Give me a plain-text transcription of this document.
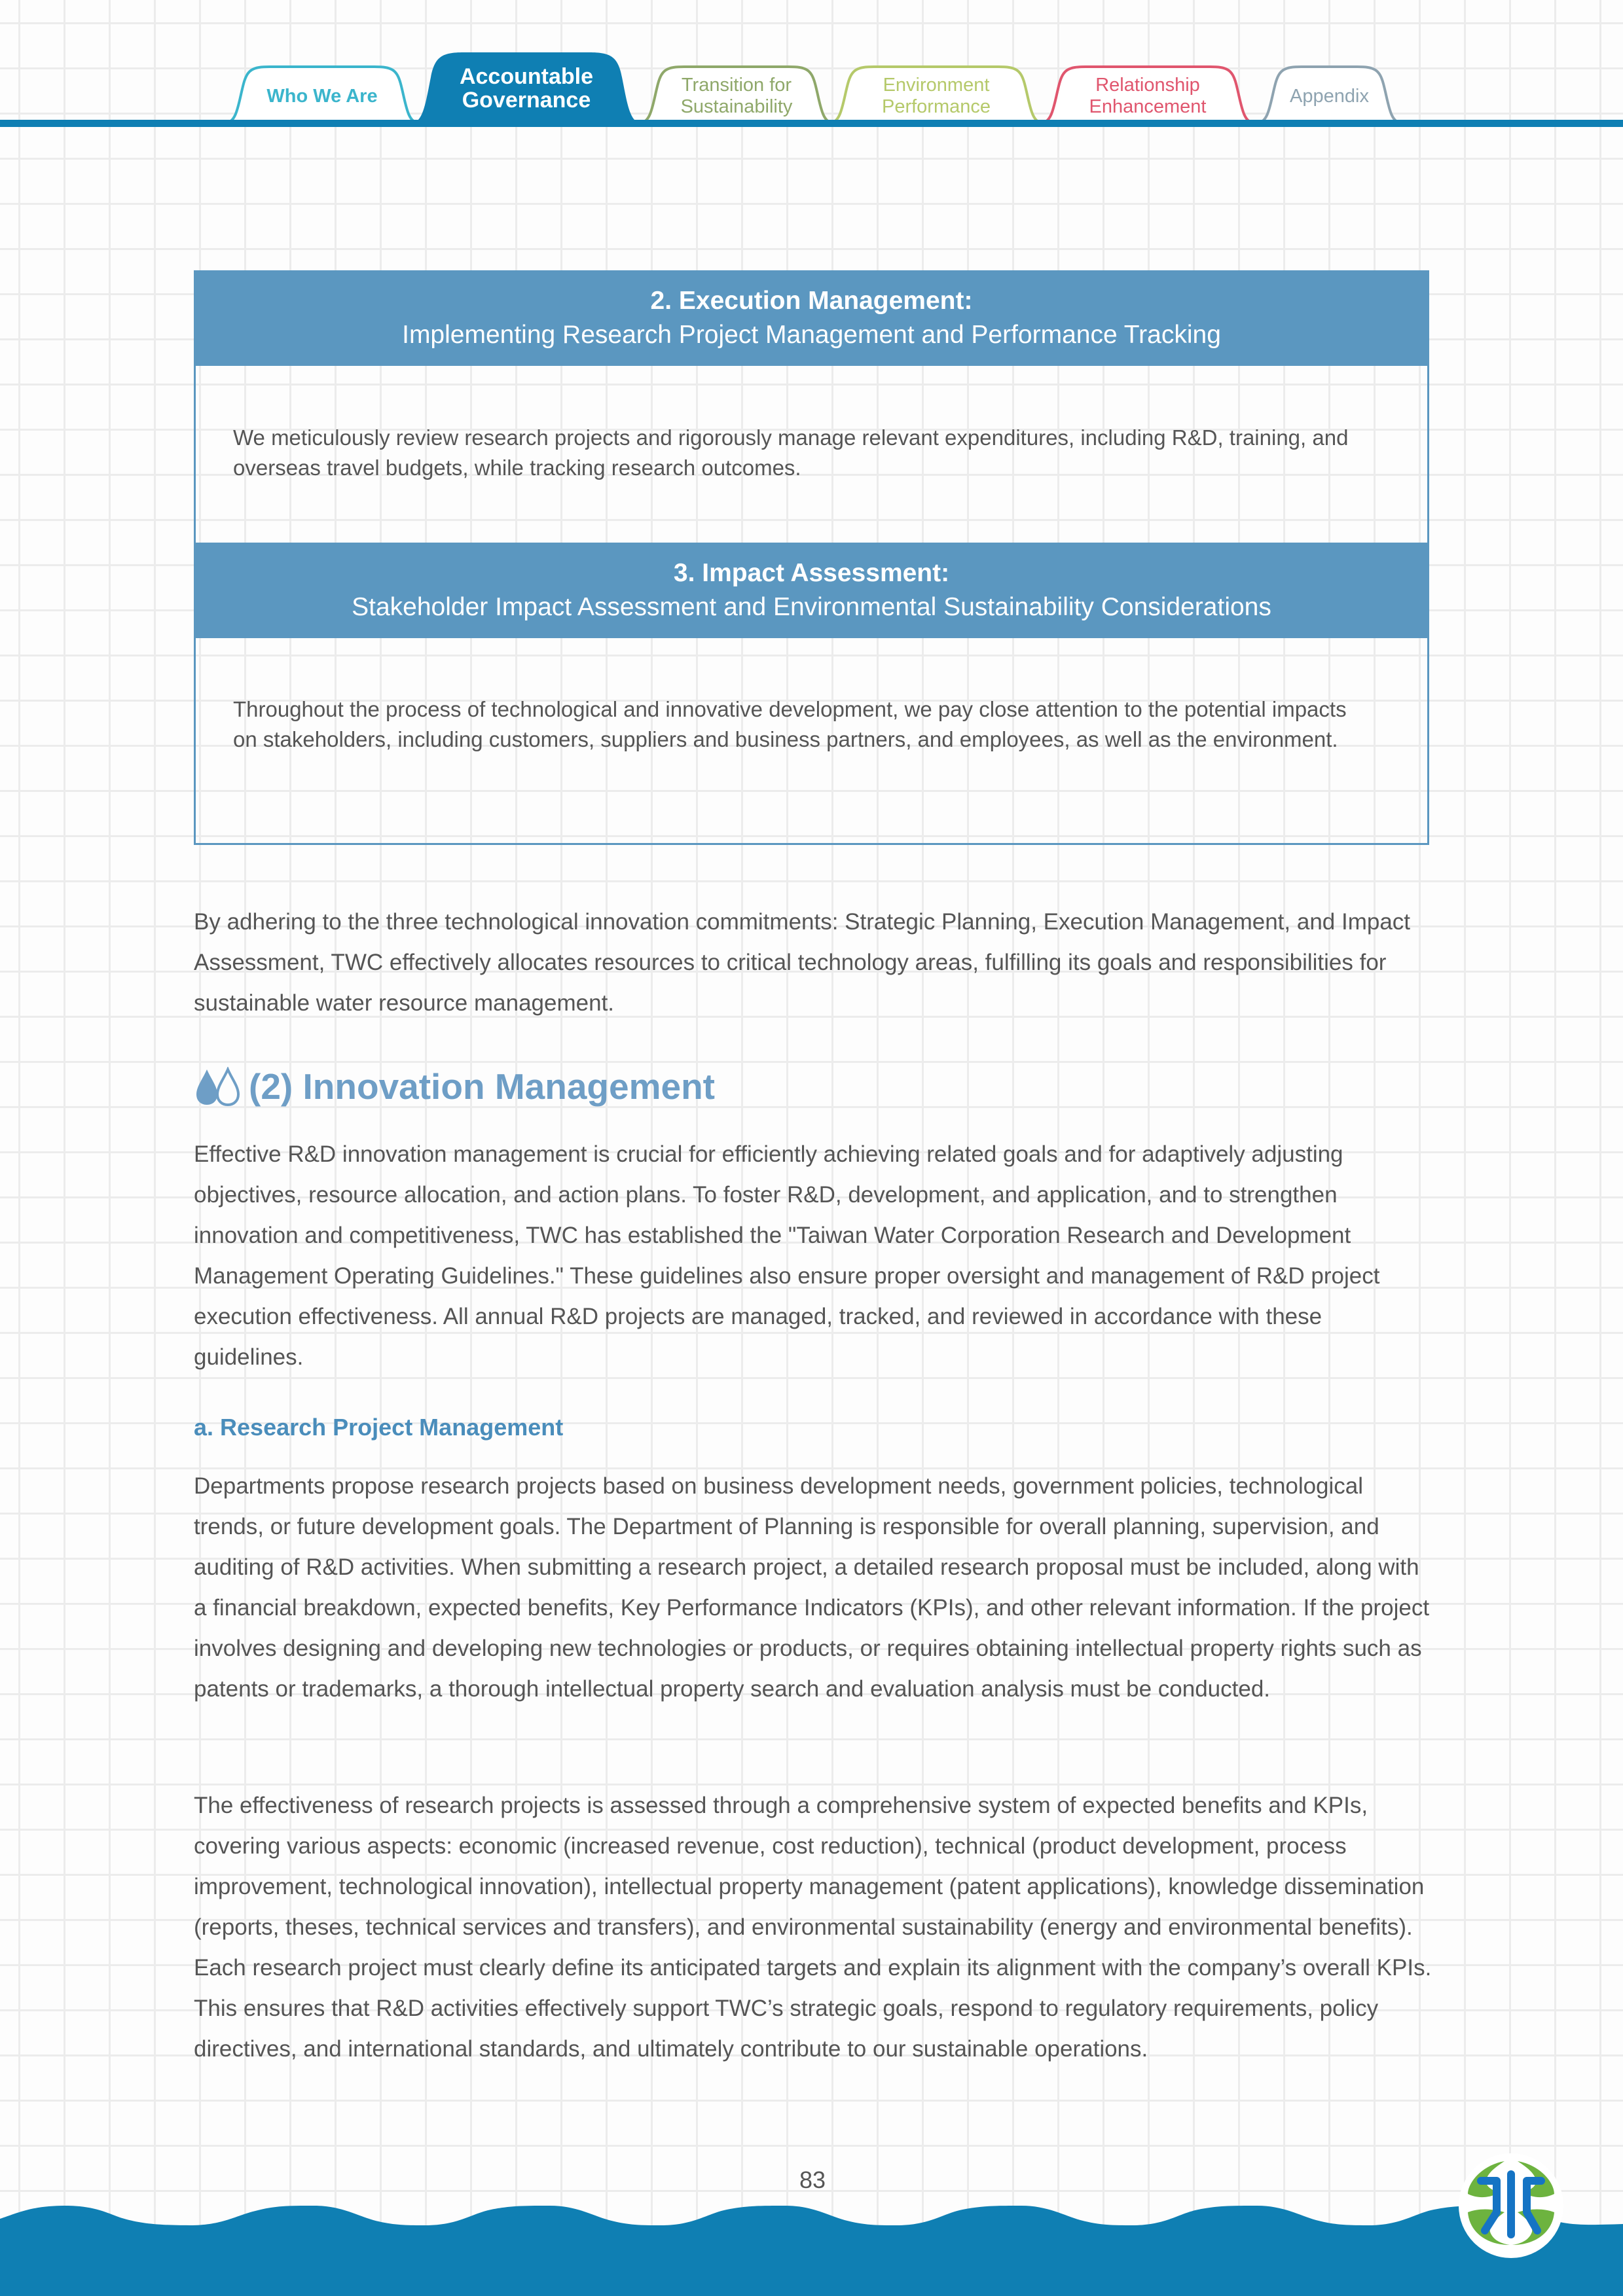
Who We Are
Transition for
Sustainability
Environment
Performance
Relationship
Enhancement
Appendix
Accountable
Governance
2. Execution Management:
Implementing Research Project Management and Performance Tracking
We meticulously review research projects and rigorously manage relevant expenditures, including R&D, training, and overseas travel budgets, while tracking research outcomes.
3. Impact Assessment:
Stakeholder Impact Assessment and Environmental Sustainability Considerations
Throughout the process of technological and innovative development, we pay close attention to the potential impacts on stakeholders, including customers, suppliers and business partners, and employees, as well as the environment.

By adhering to the three technological innovation commitments: Strategic Planning, Execution Management, and Impact Assessment, TWC effectively allocates resources to critical technology areas, fulfilling its goals and responsibilities for sustainable water resource management.

(2) Innovation Management

Effective R&D innovation management is crucial for efficiently achieving related goals and for adaptively adjusting objectives, resource allocation, and action plans. To foster R&D, development, and application, and to strengthen innovation and competitiveness, TWC has established the "Taiwan Water Corporation Research and Development Management Operating Guidelines." These guidelines also ensure proper oversight and management of R&D project execution effectiveness. All annual R&D projects are managed, tracked, and reviewed in accordance with these guidelines.

a. Research Project Management

Departments propose research projects based on business development needs, government policies, technological trends, or future development goals. The Department of Planning is responsible for overall planning, supervision, and auditing of R&D activities. When submitting a research project, a detailed research proposal must be included, along with a financial breakdown, expected benefits, Key Performance Indicators (KPIs), and other relevant information. If the project involves designing and developing new technologies or products, or requires obtaining intellectual property rights such as patents or trademarks, a thorough intellectual property search and evaluation analysis must be conducted.

The effectiveness of research projects is assessed through a comprehensive system of expected benefits and KPIs, covering various aspects: economic (increased revenue, cost reduction), technical (product development, process improvement, technological innovation), intellectual property management (patent applications), knowledge dissemination (reports, theses, technical services and transfers), and environmental sustainability (energy and environmental benefits). Each research project must clearly define its anticipated targets and explain its alignment with the company’s overall KPIs. This ensures that R&D activities effectively support TWC’s strategic goals, respond to regulatory requirements, policy directives, and international standards, and ultimately contribute to our sustainable operations.

83
